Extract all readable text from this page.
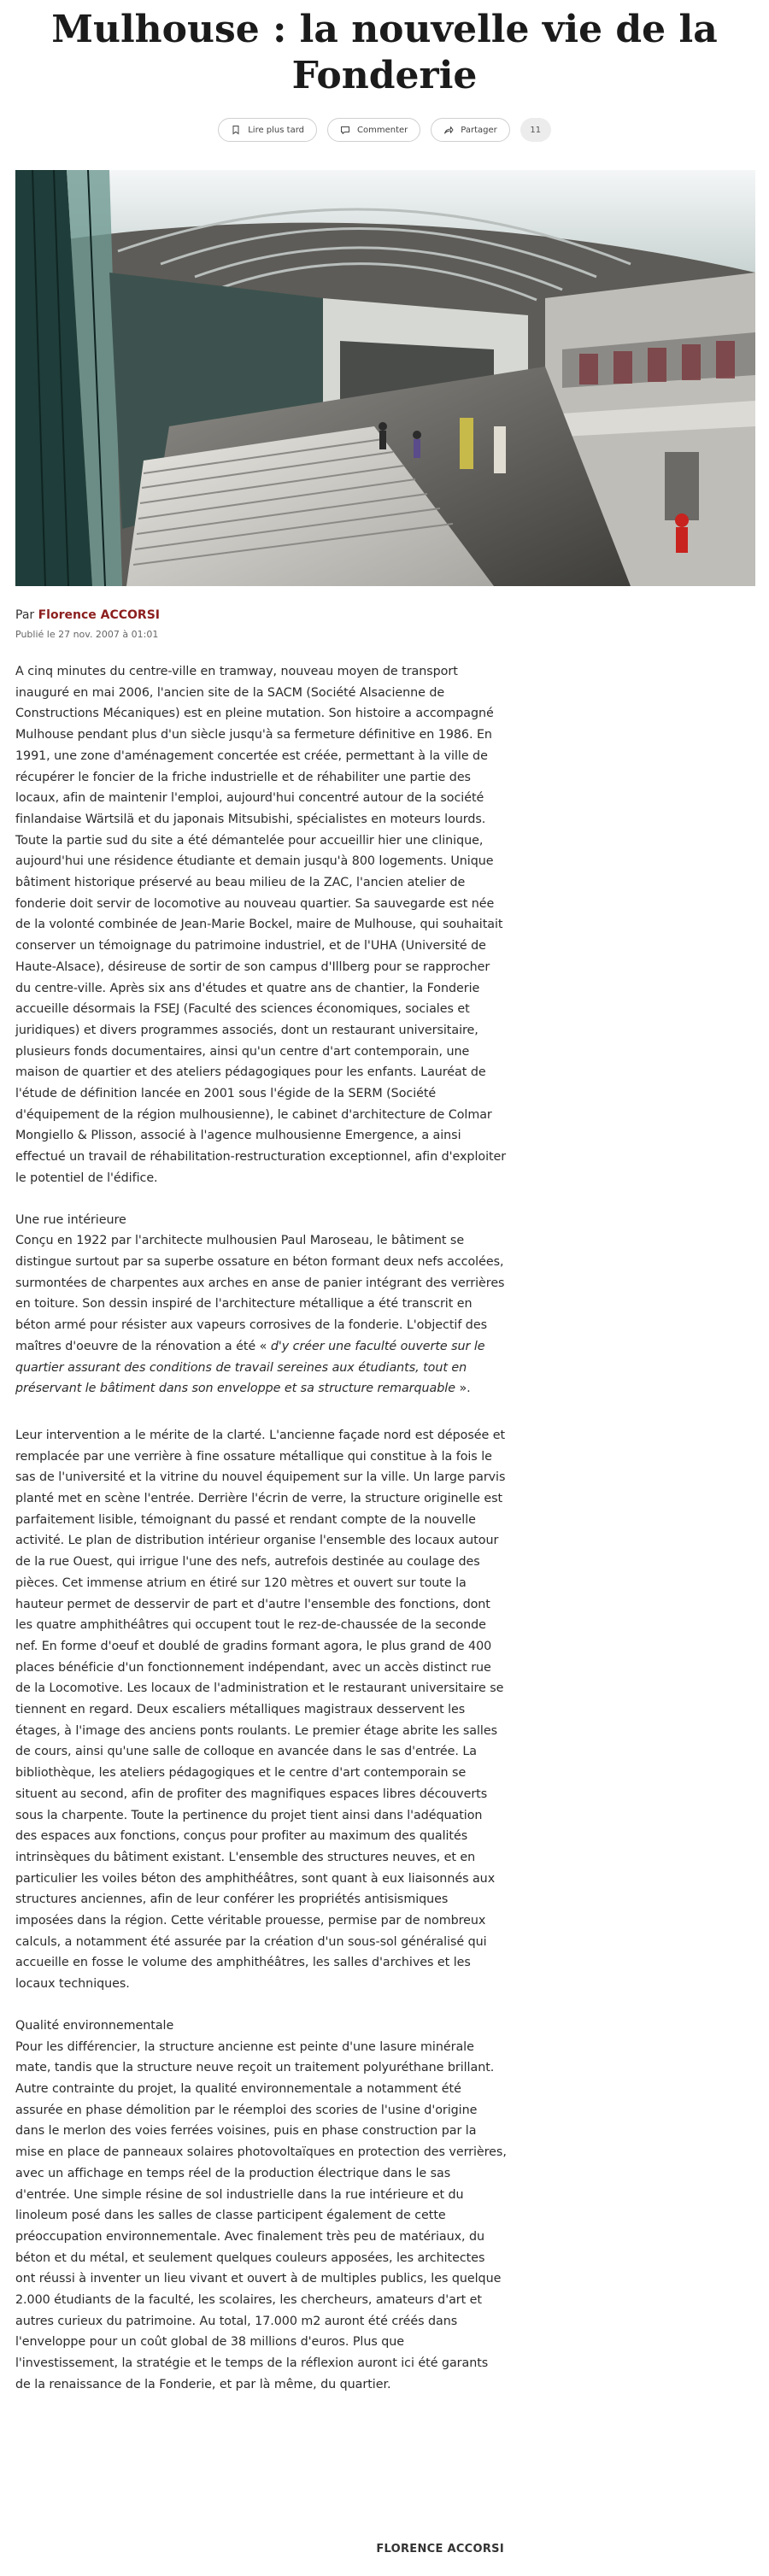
Mulhouse : la nouvelle vie de la
Fonderie
Lire plus tard	Commenter	Partager	11
Par Florence ACCORSI
Publié le 27 nov. 2007 à 01:01

A cinq minutes du centre-ville en tramway, nouveau moyen de transport inauguré en mai 2006, l'ancien site de la SACM (Société Alsacienne de Constructions Mécaniques) est en pleine mutation. Son histoire a accompagné Mulhouse pendant plus d'un siècle jusqu'à sa fermeture définitive en 1986. En 1991, une zone d'aménagement concertée est créée, permettant à la ville de récupérer le foncier de la friche industrielle et de réhabiliter une partie des locaux, afin de maintenir l'emploi, aujourd'hui concentré autour de la société finlandaise Wärtsilä et du japonais Mitsubishi, spécialistes en moteurs lourds. Toute la partie sud du site a été démantelée pour accueillir hier une clinique, aujourd'hui une résidence étudiante et demain jusqu'à 800 logements. Unique bâtiment historique préservé au beau milieu de la ZAC, l'ancien atelier de fonderie doit servir de locomotive au nouveau quartier. Sa sauvegarde est née de la volonté combinée de Jean-Marie Bockel, maire de Mulhouse, qui souhaitait conserver un témoignage du patrimoine industriel, et de l'UHA (Université de Haute-Alsace), désireuse de sortir de son campus d'Illberg pour se rapprocher du centre-ville. Après six ans d'études et quatre ans de chantier, la Fonderie accueille désormais la FSEJ (Faculté des sciences économiques, sociales et juridiques) et divers programmes associés, dont un restaurant universitaire, plusieurs fonds documentaires, ainsi qu'un centre d'art contemporain, une maison de quartier et des ateliers pédagogiques pour les enfants. Lauréat de l'étude de définition lancée en 2001 sous l'égide de la SERM (Société d'équipement de la région mulhousienne), le cabinet d'architecture de Colmar Mongiello & Plisson, associé à l'agence mulhousienne Emergence, a ainsi effectué un travail de réhabilitation-restructuration exceptionnel, afin d'exploiter le potentiel de l'édifice.

Une rue intérieure

Conçu en 1922 par l'architecte mulhousien Paul Maroseau, le bâtiment se distingue surtout par sa superbe ossature en béton formant deux nefs accolées, surmontées de charpentes aux arches en anse de panier intégrant des verrières en toiture. Son dessin inspiré de l'architecture métallique a été transcrit en béton armé pour résister aux vapeurs corrosives de la fonderie. L'objectif des maîtres d'oeuvre de la rénovation a été « d'y créer une faculté ouverte sur le quartier assurant des conditions de travail sereines aux étudiants, tout en préservant le bâtiment dans son enveloppe et sa structure remarquable ».

Leur intervention a le mérite de la clarté. L'ancienne façade nord est déposée et remplacée par une verrière à fine ossature métallique qui constitue à la fois le sas de l'université et la vitrine du nouvel équipement sur la ville. Un large parvis planté met en scène l'entrée. Derrière l'écrin de verre, la structure originelle est parfaitement lisible, témoignant du passé et rendant compte de la nouvelle activité. Le plan de distribution intérieur organise l'ensemble des locaux autour de la rue Ouest, qui irrigue l'une des nefs, autrefois destinée au coulage des pièces. Cet immense atrium en étiré sur 120 mètres et ouvert sur toute la hauteur permet de desservir de part et d'autre l'ensemble des fonctions, dont les quatre amphithéâtres qui occupent tout le rez-de-chaussée de la seconde nef. En forme d'oeuf et doublé de gradins formant agora, le plus grand de 400 places bénéficie d'un fonctionnement indépendant, avec un accès distinct rue de la Locomotive. Les locaux de l'administration et le restaurant universitaire se tiennent en regard. Deux escaliers métalliques magistraux desservent les étages, à l'image des anciens ponts roulants. Le premier étage abrite les salles de cours, ainsi qu'une salle de colloque en avancée dans le sas d'entrée. La bibliothèque, les ateliers pédagogiques et le centre d'art contemporain se situent au second, afin de profiter des magnifiques espaces libres découverts sous la charpente. Toute la pertinence du projet tient ainsi dans l'adéquation des espaces aux fonctions, conçus pour profiter au maximum des qualités intrinsèques du bâtiment existant. L'ensemble des structures neuves, et en particulier les voiles béton des amphithéâtres, sont quant à eux liaisonnés aux structures anciennes, afin de leur conférer les propriétés antisismiques imposées dans la région. Cette véritable prouesse, permise par de nombreux calculs, a notamment été assurée par la création d'un sous-sol généralisé qui accueille en fosse le volume des amphithéâtres, les salles d'archives et les locaux techniques.

Qualité environnementale

Pour les différencier, la structure ancienne est peinte d'une lasure minérale mate, tandis que la structure neuve reçoit un traitement polyuréthane brillant. Autre contrainte du projet, la qualité environnementale a notamment été assurée en phase démolition par le réemploi des scories de l'usine d'origine dans le merlon des voies ferrées voisines, puis en phase construction par la mise en place de panneaux solaires photovoltaïques en protection des verrières, avec un affichage en temps réel de la production électrique dans le sas d'entrée. Une simple résine de sol industrielle dans la rue intérieure et du linoleum posé dans les salles de classe participent également de cette préoccupation environnementale. Avec finalement très peu de matériaux, du béton et du métal, et seulement quelques couleurs apposées, les architectes ont réussi à inventer un lieu vivant et ouvert à de multiples publics, les quelque 2.000 étudiants de la faculté, les scolaires, les chercheurs, amateurs d'art et autres curieux du patrimoine. Au total, 17.000 m2 auront été créés dans l'enveloppe pour un coût global de 38 millions d'euros. Plus que l'investissement, la stratégie et le temps de la réflexion auront ici été garants de la renaissance de la Fonderie, et par là même, du quartier.

FLORENCE ACCORSI
